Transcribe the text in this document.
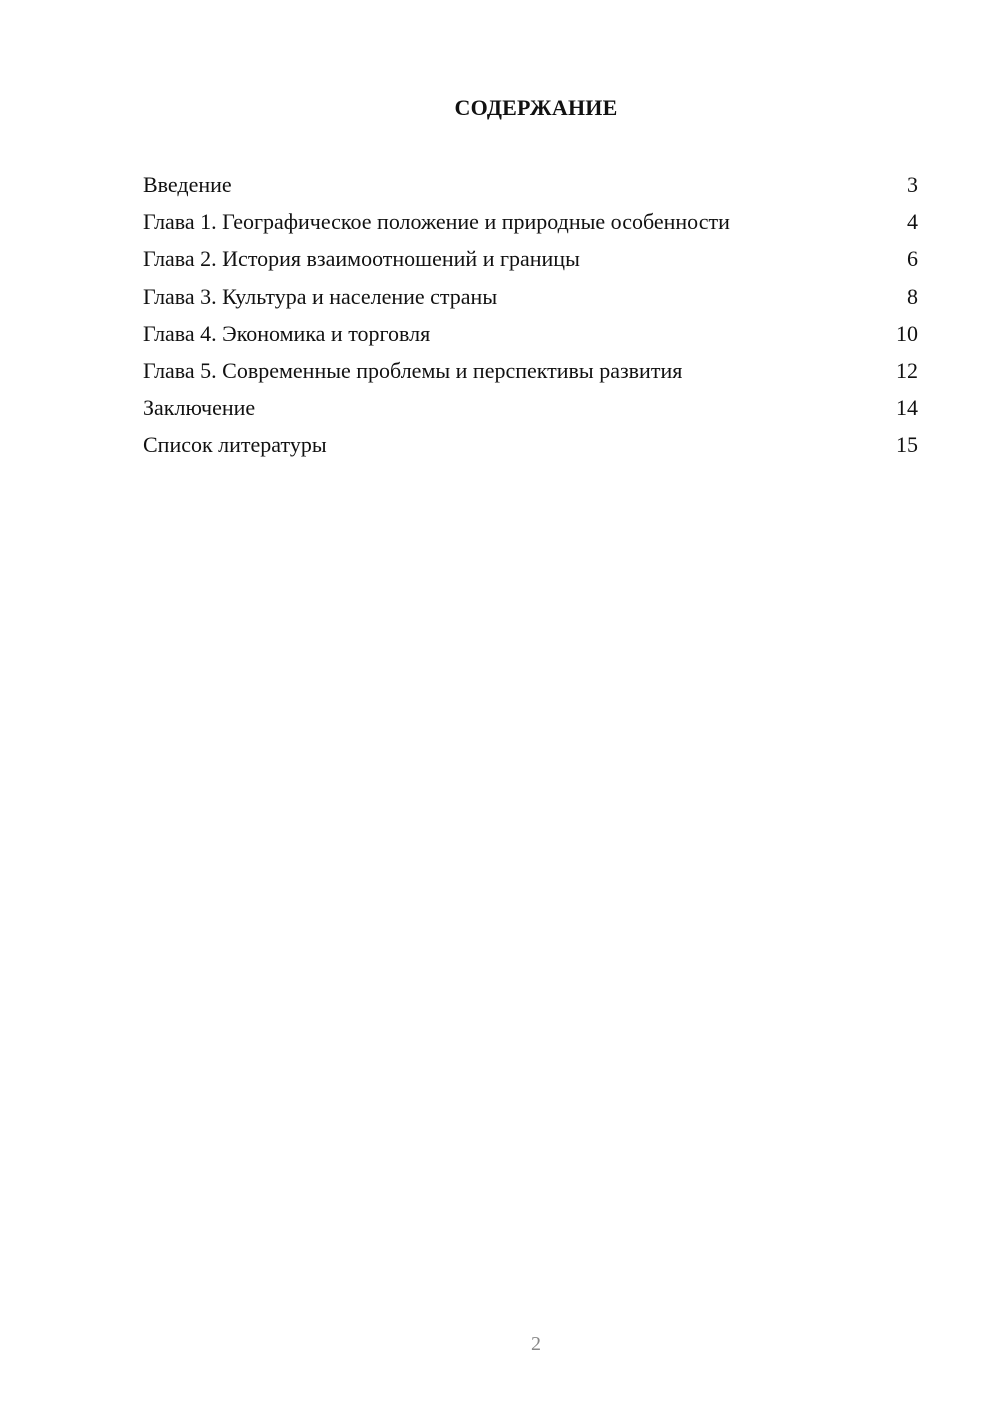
СОДЕРЖАНИЕ
Введение	3
Глава 1. Географическое положение и природные особенности	4
Глава 2. История взаимоотношений и границы	6
Глава 3. Культура и население страны	8
Глава 4. Экономика и торговля	10
Глава 5. Современные проблемы и перспективы развития	12
Заключение	14
Список литературы	15
2
